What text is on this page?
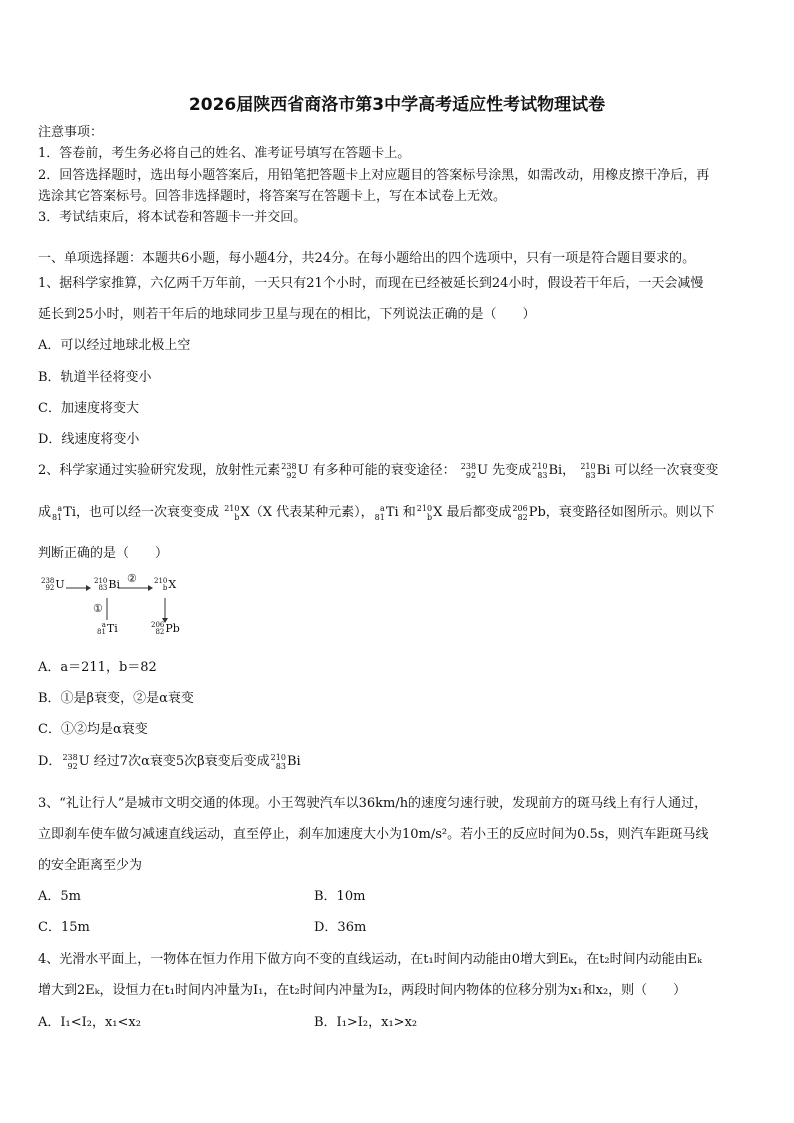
2026届陕西省商洛市第3中学高考适应性考试物理试卷
注意事项：
1．答卷前，考生务必将自己的姓名、准考证号填写在答题卡上。
2．回答选择题时，选出每小题答案后，用铅笔把答题卡上对应题目的答案标号涂黑，如需改动，用橡皮擦干净后，再
选涂其它答案标号。回答非选择题时，将答案写在答题卡上，写在本试卷上无效。
3．考试结束后，将本试卷和答题卡一并交回。
一、单项选择题：本题共6小题，每小题4分，共24分。在每小题给出的四个选项中，只有一项是符合题目要求的。
1、据科学家推算，六亿两千万年前，一天只有21个小时，而现在已经被延长到24小时，假设若干年后，一天会减慢
延长到25小时，则若干年后的地球同步卫星与现在的相比，下列说法正确的是（　　）
A．可以经过地球北极上空
B．轨道半径将变小
C．加速度将变大
D．线速度将变小
2、科学家通过实验研究发现，放射性元素 238
92 U 有多种可能的衰变途径： 238
92 U 先变成 210
83 Bi， 210
83 Bi 可以经一次衰变变
成 a
81 Ti，也可以经一次衰变变成 210
b X（X 代表某种元素）， a
81 Ti 和 210
b X 最后都变成 206
82 Pb，衰变路径如图所示。则以下
判断正确的是（　　）
238
92 U	210
83 Bi	210
b X
②
①
a
81 Ti	206
82 Pb
A．a＝211，b＝82
B．①是β衰变，②是α衰变
C．①②均是α衰变
D． 238
92 U 经过7次α衰变5次β衰变后变成 210
83 Bi
3、“礼让行人”是城市文明交通的体现。小王驾驶汽车以36km/h的速度匀速行驶，发现前方的斑马线上有行人通过，
立即刹车使车做匀减速直线运动，直至停止，刹车加速度大小为10m/s²。若小王的反应时间为0.5s，则汽车距斑马线
的安全距离至少为
A．5m	B．10m
C．15m	D．36m
4、光滑水平面上，一物体在恒力作用下做方向不变的直线运动，在t₁时间内动能由0增大到Eₖ，在t₂时间内动能由Eₖ
增大到2Eₖ，设恒力在t₁时间内冲量为I₁，在t₂时间内冲量为I₂，两段时间内物体的位移分别为x₁和x₂，则（　　）
A．I₁<I₂，x₁<x₂	B．I₁>I₂，x₁>x₂
